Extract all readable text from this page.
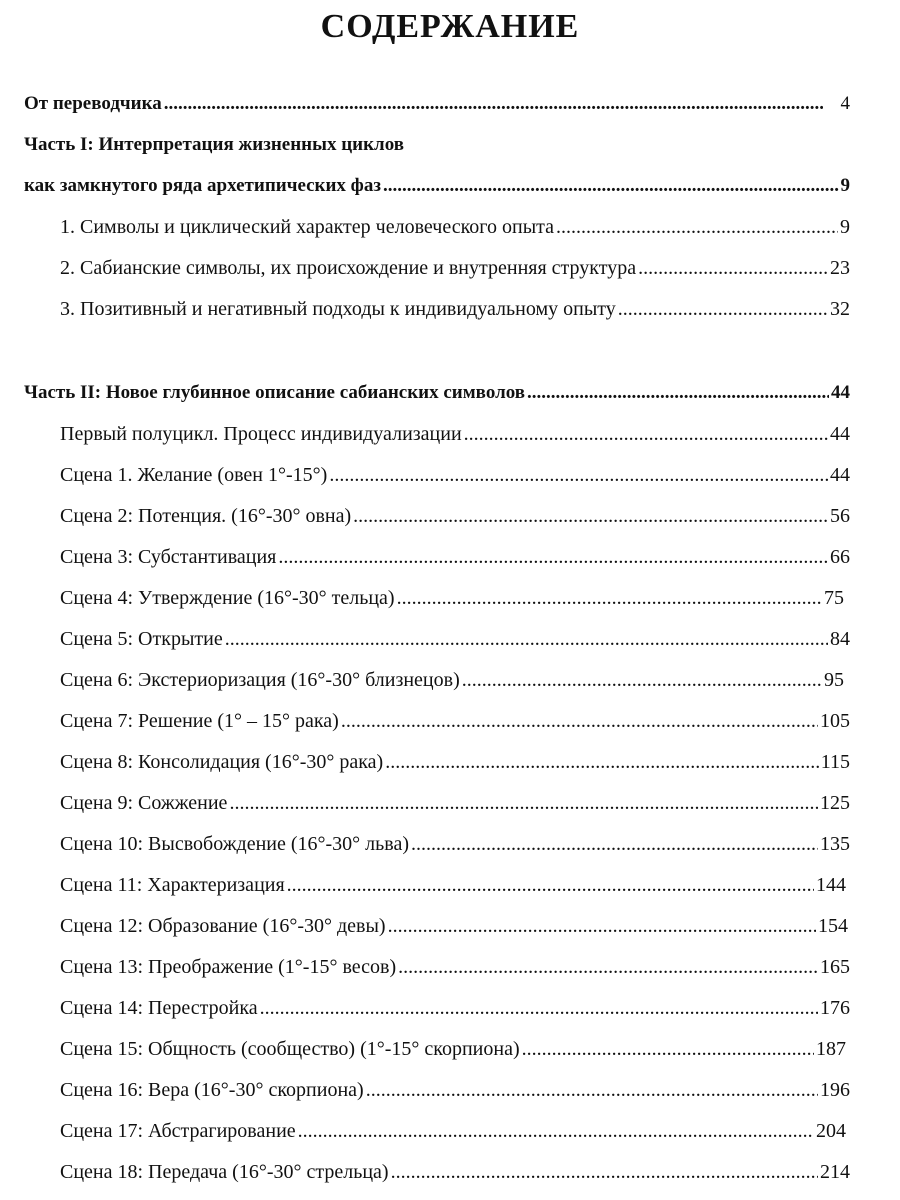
СОДЕРЖАНИЕ
От переводчика .....	4
Часть I: Интерпретация жизненных циклов
как замкнутого ряда архетипических фаз .....	9
1. Символы и циклический характер человеческого опыта .....	9
2. Сабианские символы, их происхождение и внутренняя структура .....	23
3. Позитивный и негативный подходы к индивидуальному опыту .....	32
Часть II: Новое глубинное описание сабианских символов .....	44
Первый полуцикл. Процесс индивидуализации .....	44
Сцена 1. Желание (овен 1°-15°) .....	44
Сцена 2: Потенция. (16°-30° овна) .....	56
Сцена 3: Субстантивация .....	66
Сцена 4: Утверждение (16°-30° тельца) .....	75
Сцена 5: Открытие .....	84
Сцена 6: Экстериоризация (16°-30° близнецов) .....	95
Сцена 7: Решение (1° – 15° рака) .....	105
Сцена 8: Консолидация (16°-30° рака) .....	115
Сцена 9: Сожжение .....	125
Сцена 10: Высвобождение (16°-30° льва) .....	135
Сцена 11: Характеризация .....	144
Сцена 12: Образование (16°-30° девы) .....	154
Сцена 13: Преображение (1°-15° весов) .....	165
Сцена 14: Перестройка .....	176
Сцена 15: Общность (сообщество) (1°-15° скорпиона) .....	187
Сцена 16: Вера (16°-30° скорпиона) .....	196
Сцена 17: Абстрагирование .....	204
Сцена 18: Передача (16°-30° стрельца) .....	214
